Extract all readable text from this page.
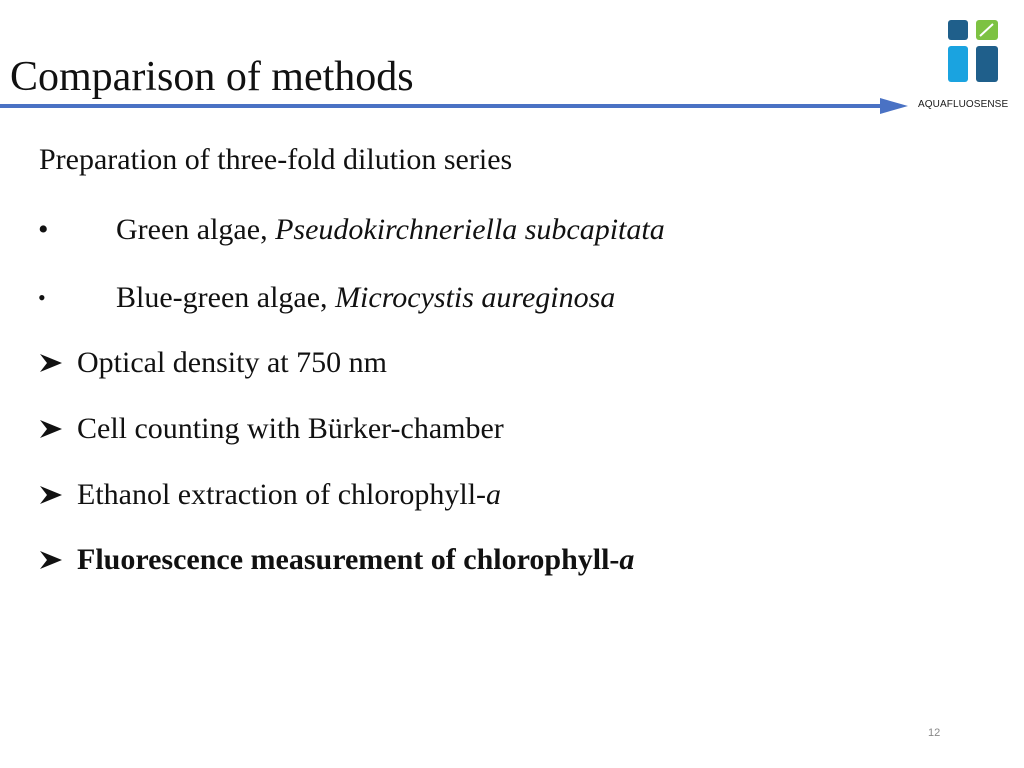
Comparison of methods
AQUAFLUOSENSE
Preparation of three-fold dilution series
• Green algae, Pseudokirchneriella subcapitata
• Blue-green algae, Microcystis aureginosa
Optical density at 750 nm
Cell counting with Bürker-chamber
Ethanol extraction of chlorophyll-a
Fluorescence measurement of chlorophyll-a
12
